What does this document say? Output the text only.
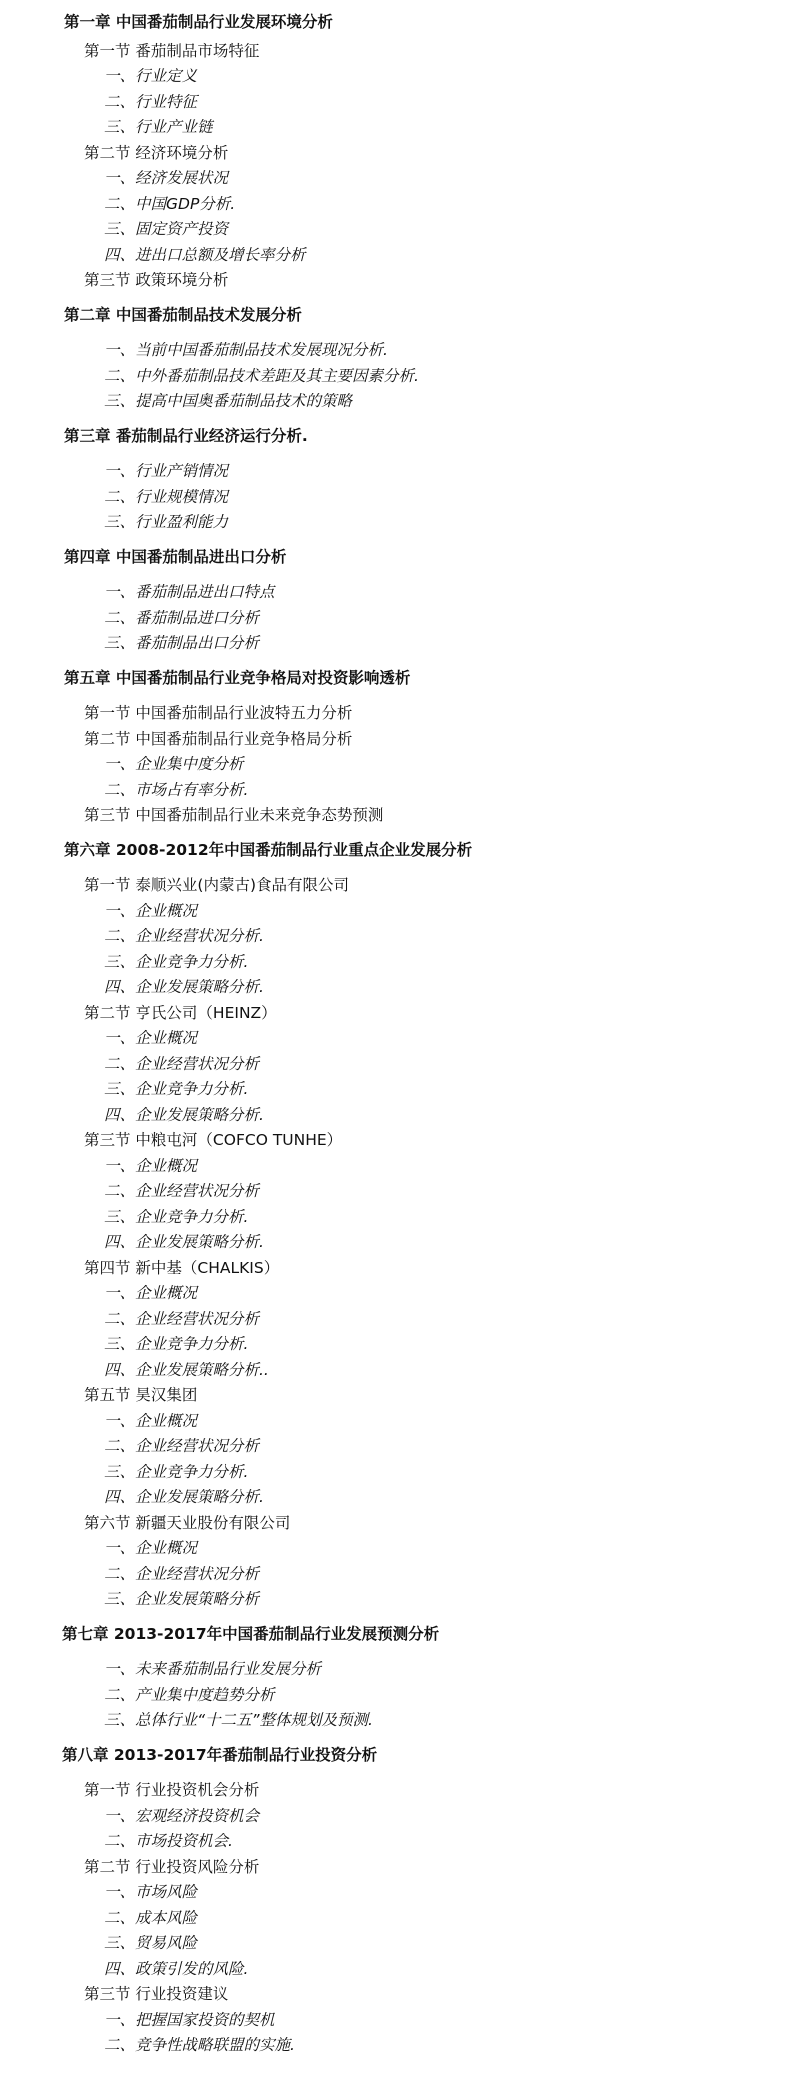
第一章 中国番茄制品行业发展环境分析
第一节 番茄制品市场特征
一、行业定义
二、行业特征
三、行业产业链
第二节 经济环境分析
一、经济发展状况
二、中国GDP分析.
三、固定资产投资
四、进出口总额及增长率分析
第三节 政策环境分析
第二章 中国番茄制品技术发展分析
一、当前中国番茄制品技术发展现况分析.
二、中外番茄制品技术差距及其主要因素分析.
三、提高中国奥番茄制品技术的策略
第三章 番茄制品行业经济运行分析.
一、行业产销情况
二、行业规模情况
三、行业盈利能力
第四章 中国番茄制品进出口分析
一、番茄制品进出口特点
二、番茄制品进口分析
三、番茄制品出口分析
第五章 中国番茄制品行业竞争格局对投资影响透析
第一节 中国番茄制品行业波特五力分析
第二节 中国番茄制品行业竞争格局分析
一、企业集中度分析
二、市场占有率分析.
第三节 中国番茄制品行业未来竞争态势预测
第六章 2008-2012年中国番茄制品行业重点企业发展分析
第一节 泰顺兴业(内蒙古)食品有限公司
一、企业概况
二、企业经营状况分析.
三、企业竞争力分析.
四、企业发展策略分析.
第二节 亨氏公司（HEINZ）
一、企业概况
二、企业经营状况分析
三、企业竞争力分析.
四、企业发展策略分析.
第三节 中粮屯河（COFCO TUNHE）
一、企业概况
二、企业经营状况分析
三、企业竞争力分析.
四、企业发展策略分析.
第四节 新中基（CHALKIS）
一、企业概况
二、企业经营状况分析
三、企业竞争力分析.
四、企业发展策略分析..
第五节 昊汉集团
一、企业概况
二、企业经营状况分析
三、企业竞争力分析.
四、企业发展策略分析.
第六节 新疆天业股份有限公司
一、企业概况
二、企业经营状况分析
三、企业发展策略分析
第七章 2013-2017年中国番茄制品行业发展预测分析
一、未来番茄制品行业发展分析
二、产业集中度趋势分析
三、总体行业“十二五”整体规划及预测.
第八章 2013-2017年番茄制品行业投资分析
第一节 行业投资机会分析
一、宏观经济投资机会
二、市场投资机会.
第二节 行业投资风险分析
一、市场风险
二、成本风险
三、贸易风险
四、政策引发的风险.
第三节 行业投资建议
一、把握国家投资的契机
二、竞争性战略联盟的实施.
